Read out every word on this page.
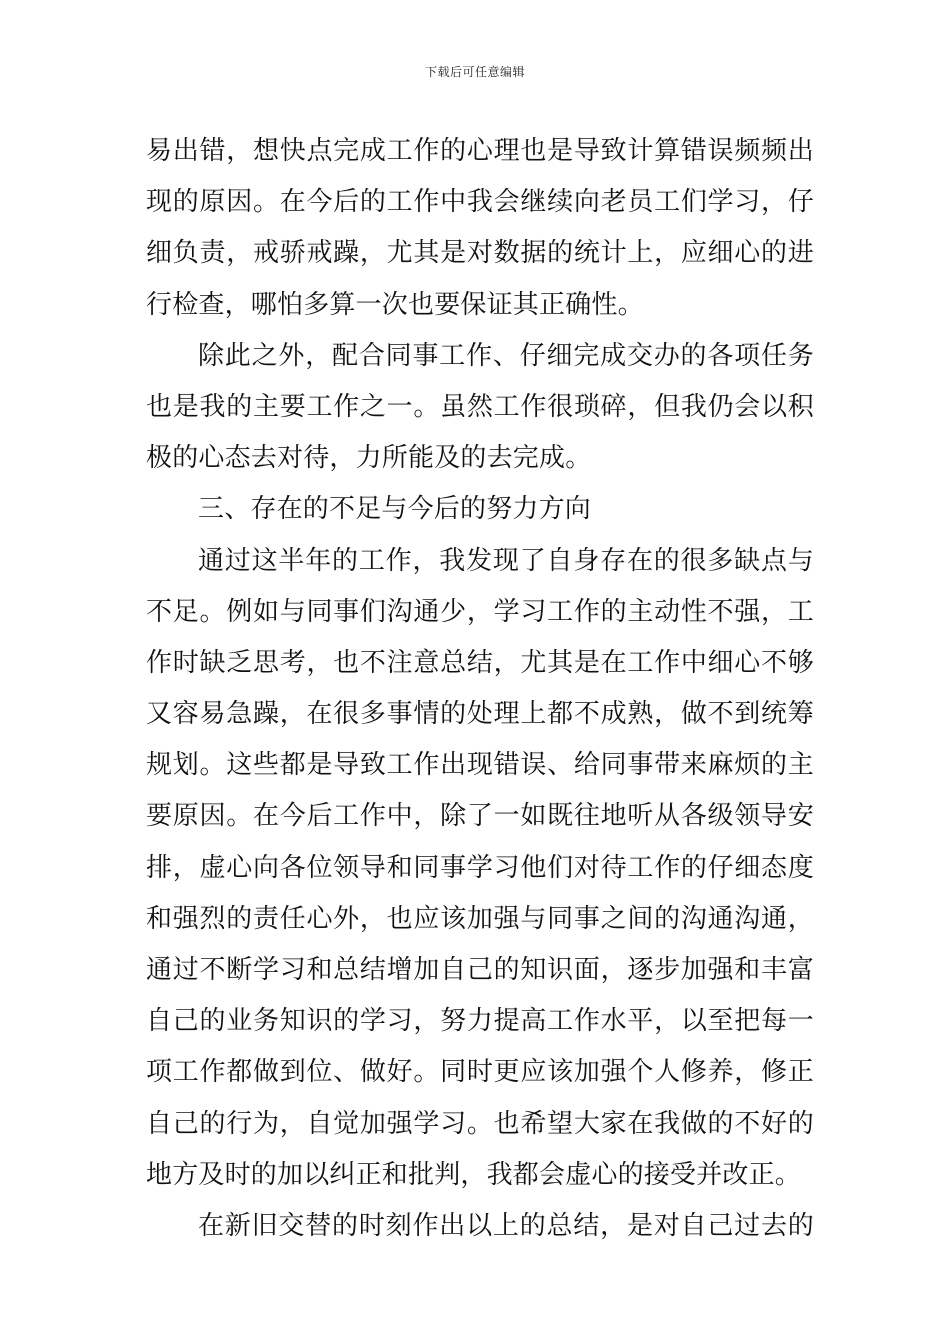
下载后可任意编辑
易出错，想快点完成工作的心理也是导致计算错误频频出
现的原因。在今后的工作中我会继续向老员工们学习，仔
细负责，戒骄戒躁，尤其是对数据的统计上，应细心的进
行检查，哪怕多算一次也要保证其正确性。
除此之外，配合同事工作、仔细完成交办的各项任务
也是我的主要工作之一。虽然工作很琐碎，但我仍会以积
极的心态去对待，力所能及的去完成。
三、存在的不足与今后的努力方向
通过这半年的工作，我发现了自身存在的很多缺点与
不足。例如与同事们沟通少，学习工作的主动性不强，工
作时缺乏思考，也不注意总结，尤其是在工作中细心不够
又容易急躁，在很多事情的处理上都不成熟，做不到统筹
规划。这些都是导致工作出现错误、给同事带来麻烦的主
要原因。在今后工作中，除了一如既往地听从各级领导安
排，虚心向各位领导和同事学习他们对待工作的仔细态度
和强烈的责任心外，也应该加强与同事之间的沟通沟通，
通过不断学习和总结增加自己的知识面，逐步加强和丰富
自己的业务知识的学习，努力提高工作水平，以至把每一
项工作都做到位、做好。同时更应该加强个人修养，修正
自己的行为，自觉加强学习。也希望大家在我做的不好的
地方及时的加以纠正和批判，我都会虚心的接受并改正。
在新旧交替的时刻作出以上的总结，是对自己过去的
